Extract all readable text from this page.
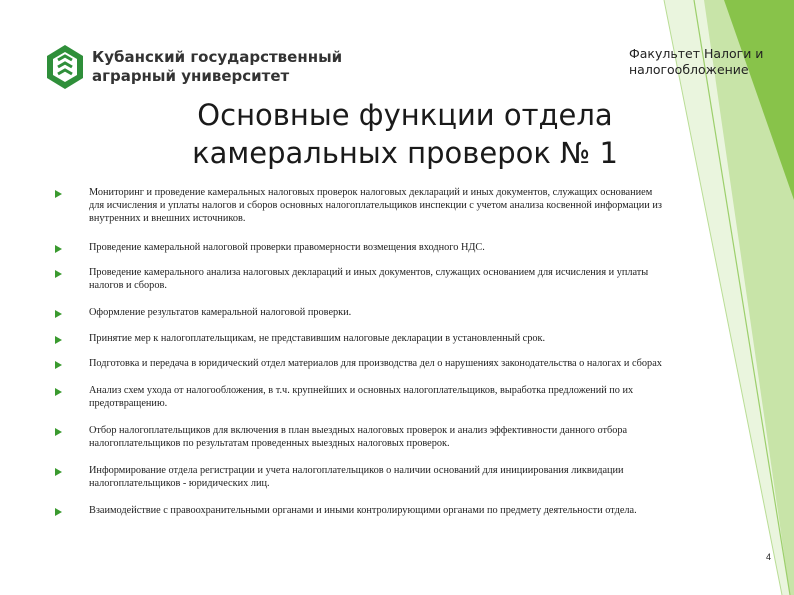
Кубанский государственный
аграрный университет
Факультет Налоги и налогообложение
Основные функции отдела камеральных проверок № 1
Мониторинг и проведение камеральных налоговых проверок налоговых деклараций и иных документов, служащих основанием для исчисления и уплаты налогов и сборов основных налогоплательщиков инспекции с учетом анализа косвенной информации из внутренних и внешних источников.
Проведение камеральной налоговой проверки правомерности возмещения входного НДС.
Проведение камерального анализа налоговых деклараций и иных документов, служащих основанием для исчисления и уплаты налогов и сборов.
Оформление результатов камеральной налоговой проверки.
Принятие мер к налогоплательщикам, не представившим налоговые декларации в установленный срок.
Подготовка и передача в юридический отдел материалов для производства дел о нарушениях законодательства о налогах и сборах
Анализ схем ухода от налогообложения, в т.ч. крупнейших и основных налогоплательщиков, выработка предложений по их предотвращению.
Отбор налогоплательщиков для включения в план выездных налоговых проверок и анализ эффективности данного отбора налогоплательщиков по результатам проведенных выездных налоговых проверок.
Информирование отдела регистрации и учета налогоплательщиков о наличии оснований для инициирования ликвидации налогоплательщиков - юридических лиц.
Взаимодействие с правоохранительными органами и иными контролирующими органами по предмету деятельности отдела.
4
